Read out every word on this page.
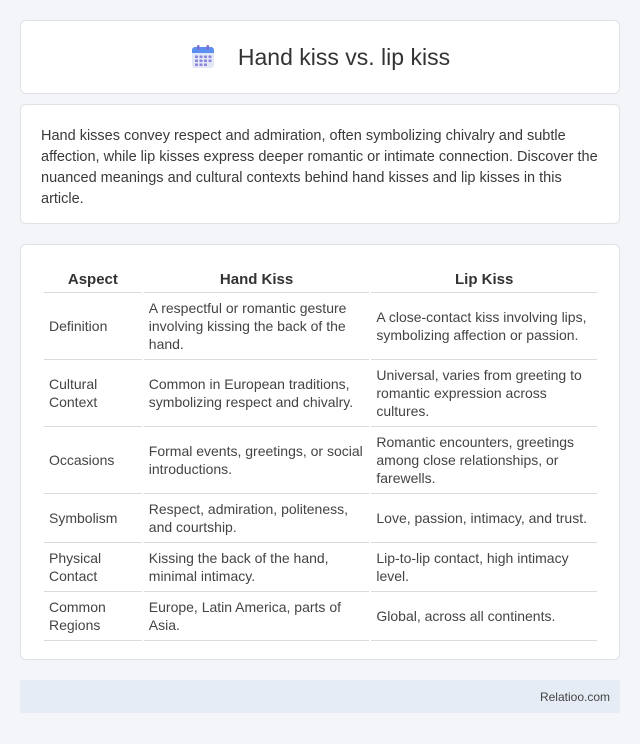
Hand kiss vs. lip kiss

Hand kisses convey respect and admiration, often symbolizing chivalry and subtle affection, while lip kisses express deeper romantic or intimate connection. Discover the nuanced meanings and cultural contexts behind hand kisses and lip kisses in this article.

Aspect	Hand Kiss	Lip Kiss
Definition	A respectful or romantic gesture involving kissing the back of the hand.	A close-contact kiss involving lips, symbolizing affection or passion.
Cultural Context	Common in European traditions, symbolizing respect and chivalry.	Universal, varies from greeting to romantic expression across cultures.
Occasions	Formal events, greetings, or social introductions.	Romantic encounters, greetings among close relationships, or farewells.
Symbolism	Respect, admiration, politeness, and courtship.	Love, passion, intimacy, and trust.
Physical Contact	Kissing the back of the hand, minimal intimacy.	Lip-to-lip contact, high intimacy level.
Common Regions	Europe, Latin America, parts of Asia.	Global, across all continents.
Relatioo.com
